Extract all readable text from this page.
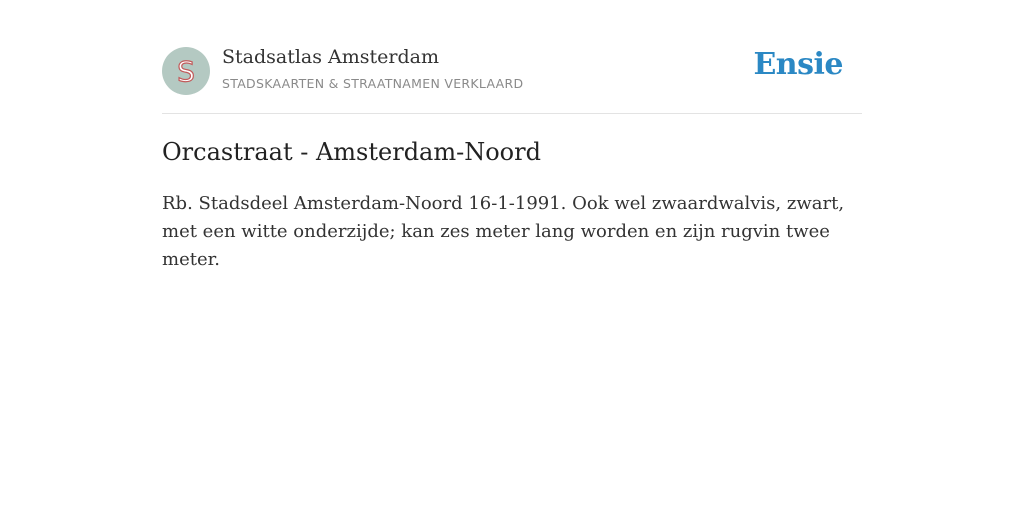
S Stadsatlas Amsterdam
STADSKAARTEN & STRAATNAMEN VERKLAARD
Ensie
Orcastraat - Amsterdam-Noord

Rb. Stadsdeel Amsterdam-Noord 16-1-1991. Ook wel zwaardwalvis, zwart, met een witte onderzijde; kan zes meter lang worden en zijn rugvin twee meter.
